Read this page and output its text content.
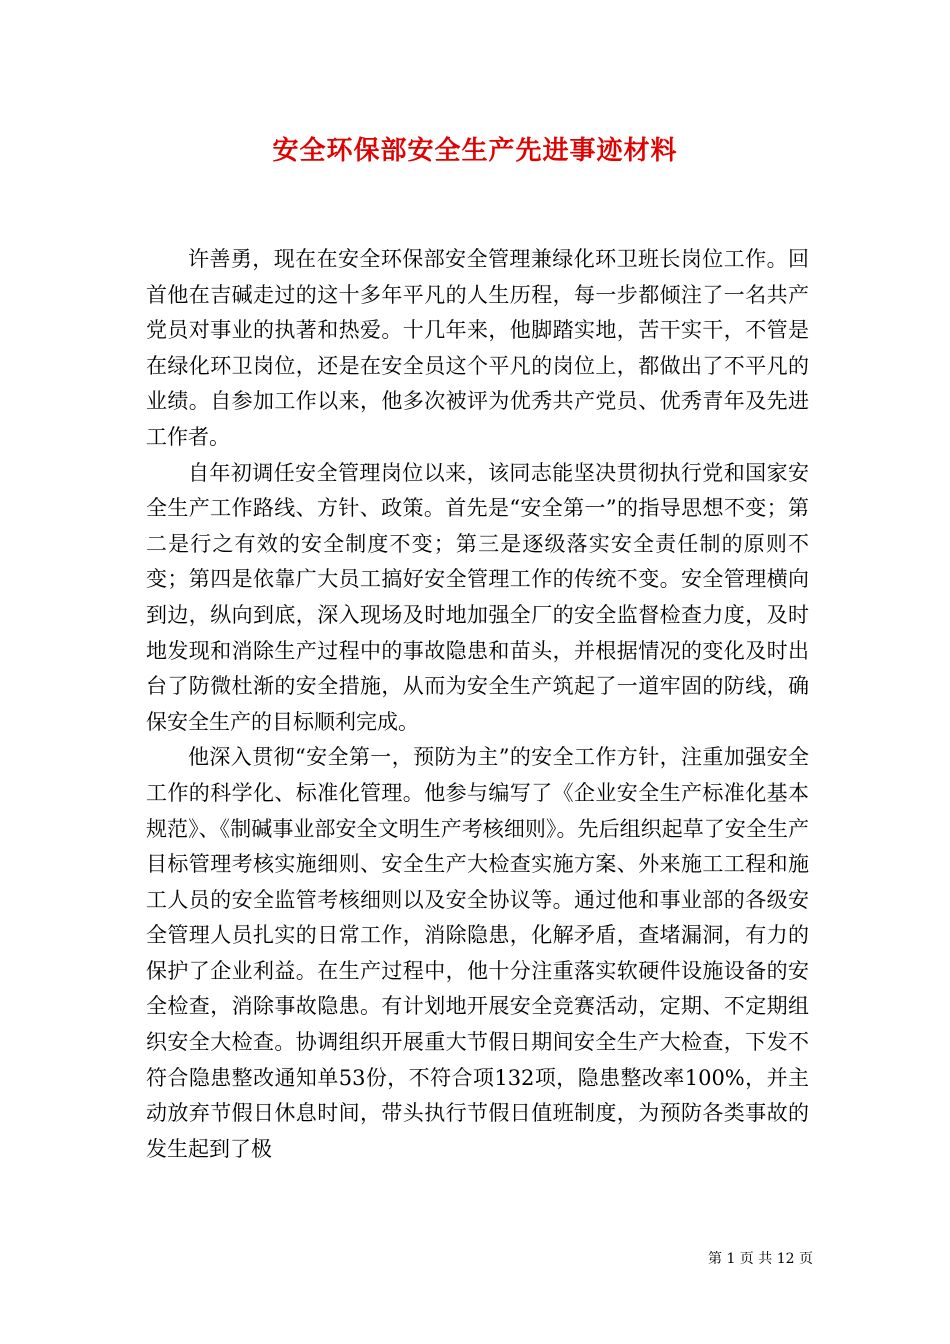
安全环保部安全生产先进事迹材料

许善勇，现在在安全环保部安全管理兼绿化环卫班长岗位工作。回首他在吉碱走过的这十多年平凡的人生历程，每一步都倾注了一名共产党员对事业的执著和热爱。十几年来，他脚踏实地，苦干实干，不管是在绿化环卫岗位，还是在安全员这个平凡的岗位上，都做出了不平凡的业绩。自参加工作以来，他多次被评为优秀共产党员、优秀青年及先进工作者。

自年初调任安全管理岗位以来，该同志能坚决贯彻执行党和国家安全生产工作路线、方针、政策。首先是“安全第一”的指导思想不变；第二是行之有效的安全制度不变；第三是逐级落实安全责任制的原则不变；第四是依靠广大员工搞好安全管理工作的传统不变。安全管理横向到边，纵向到底，深入现场及时地加强全厂的安全监督检查力度，及时地发现和消除生产过程中的事故隐患和苗头，并根据情况的变化及时出台了防微杜渐的安全措施，从而为安全生产筑起了一道牢固的防线，确保安全生产的目标顺利完成。

他深入贯彻“安全第一，预防为主”的安全工作方针，注重加强安全工作的科学化、标准化管理。他参与编写了《企业安全生产标准化基本规范》、《制碱事业部安全文明生产考核细则》。先后组织起草了安全生产目标管理考核实施细则、安全生产大检查实施方案、外来施工工程和施工人员的安全监管考核细则以及安全协议等。通过他和事业部的各级安全管理人员扎实的日常工作，消除隐患，化解矛盾，查堵漏洞，有力的保护了企业利益。在生产过程中，他十分注重落实软硬件设施设备的安全检查，消除事故隐患。有计划地开展安全竞赛活动，定期、不定期组织安全大检查。协调组织开展重大节假日期间安全生产大检查，下发不符合隐患整改通知单53份，不符合项132项，隐患整改率100%，并主动放弃节假日休息时间，带头执行节假日值班制度，为预防各类事故的发生起到了极

第 1 页 共 12 页
